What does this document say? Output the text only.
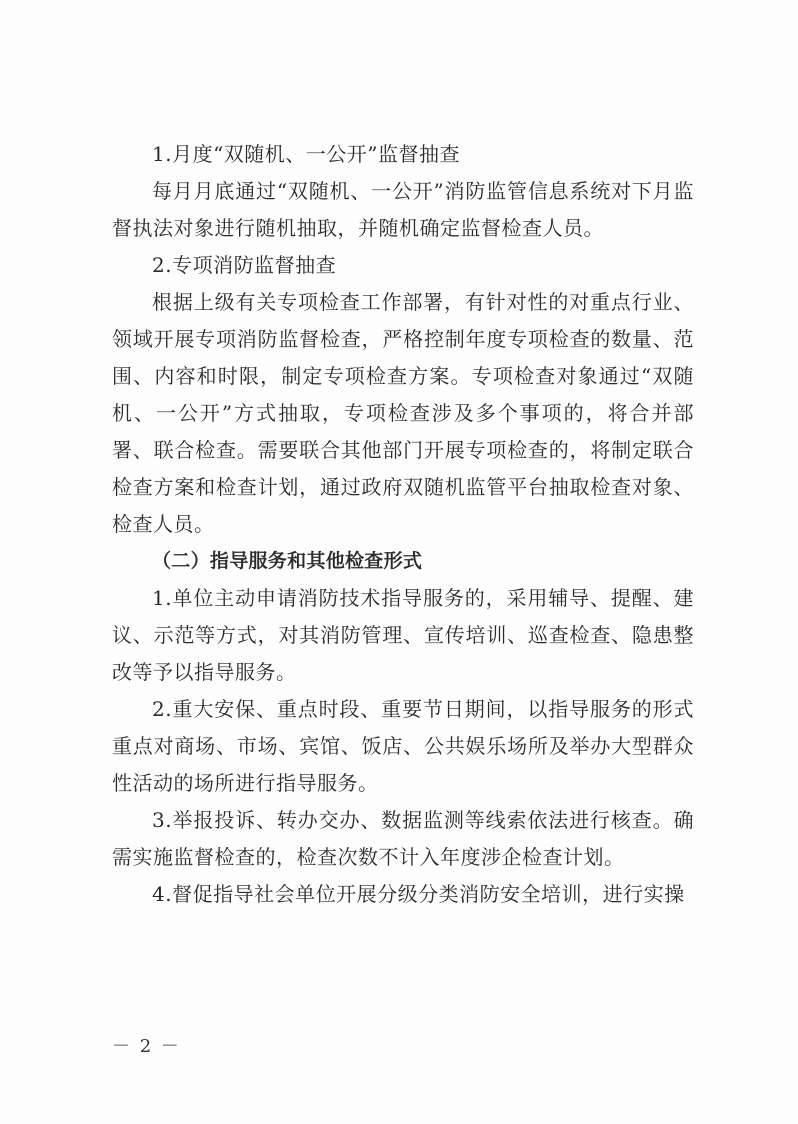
1.月度“双随机、一公开”监督抽查

每月月底通过“双随机、一公开”消防监管信息系统对下月监督执法对象进行随机抽取，并随机确定监督检查人员。

2.专项消防监督抽查

根据上级有关专项检查工作部署，有针对性的对重点行业、领域开展专项消防监督检查，严格控制年度专项检查的数量、范围、内容和时限，制定专项检查方案。专项检查对象通过“双随机、一公开”方式抽取，专项检查涉及多个事项的，将合并部署、联合检查。需要联合其他部门开展专项检查的，将制定联合检查方案和检查计划，通过政府双随机监管平台抽取检查对象、检查人员。

（二）指导服务和其他检查形式

1.单位主动申请消防技术指导服务的，采用辅导、提醒、建议、示范等方式，对其消防管理、宣传培训、巡查检查、隐患整改等予以指导服务。

2.重大安保、重点时段、重要节日期间，以指导服务的形式重点对商场、市场、宾馆、饭店、公共娱乐场所及举办大型群众性活动的场所进行指导服务。

3.举报投诉、转办交办、数据监测等线索依法进行核查。确需实施监督检查的，检查次数不计入年度涉企检查计划。

4.督促指导社会单位开展分级分类消防安全培训，进行实操

－ 2 －
